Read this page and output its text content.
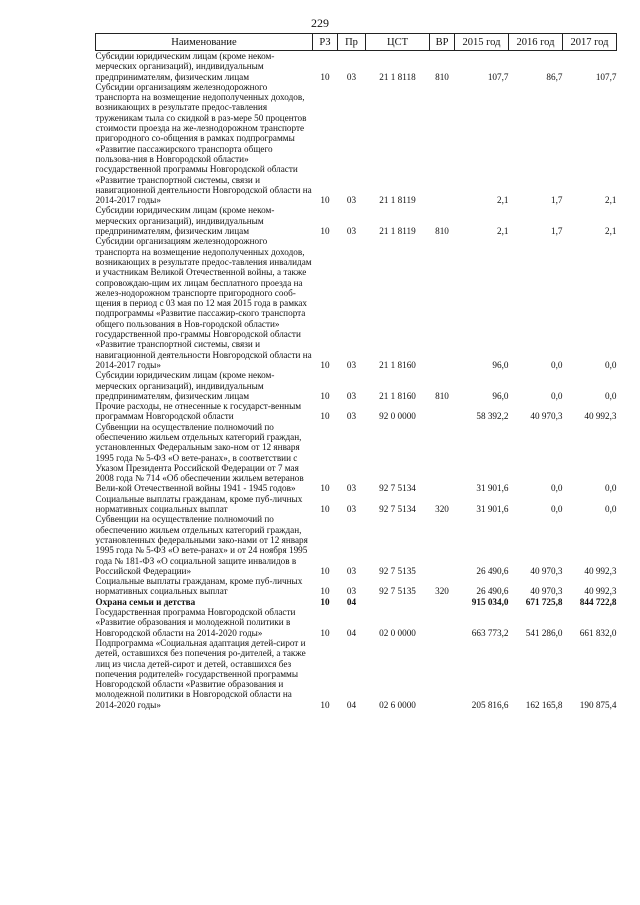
229
Наименование	РЗ	Пр	ЦСТ	ВР	2015 год	2016 год	2017 год
Субсидии юридическим лицам (кроме неком-мерческих организаций), индивидуальным предпринимателям, физическим лицам	10	03	21 1 8118	810	107,7	86,7	107,7
Субсидии организациям железнодорожного транспорта на возмещение недополученных доходов, возникающих в результате предос-тавления труженикам тыла со скидкой в раз-мере 50 процентов стоимости проезда на же-лезнодорожном транспорте пригородного со-общения в рамках подпрограммы «Развитие пассажирского транспорта общего пользова-ния в Новгородской области» государственной программы Новгородской области «Развитие транспортной системы, связи и навигационной деятельности Новгородской области на 2014-2017 годы»	10	03	21 1 8119		2,1	1,7	2,1
Субсидии юридическим лицам (кроме неком-мерческих организаций), индивидуальным предпринимателям, физическим лицам	10	03	21 1 8119	810	2,1	1,7	2,1
Субсидии организациям железнодорожного транспорта на возмещение недополученных доходов, возникающих в результате предос-тавления инвалидам и участникам Великой Отечественной войны, а также сопровождаю-щим их лицам бесплатного проезда на желез-нодорожном транспорте пригородного сооб-щения в период с 03 мая по 12 мая 2015 года в рамках подпрограммы «Развитие пассажир-ского транспорта общего пользования в Нов-городской области» государственной про-граммы Новгородской области «Развитие транспортной системы, связи и навигационной деятельности Новгородской области на 2014-2017 годы»	10	03	21 1 8160		96,0	0,0	0,0
Субсидии юридическим лицам (кроме неком-мерческих организаций), индивидуальным предпринимателям, физическим лицам	10	03	21 1 8160	810	96,0	0,0	0,0
Прочие расходы, не отнесенные к государст-венным программам Новгородской области	10	03	92 0 0000		58 392,2	40 970,3	40 992,3
Субвенции на осуществление полномочий по обеспечению жильем отдельных категорий граждан, установленных Федеральным зако-ном от 12 января 1995 года № 5-ФЗ «О вете-ранах», в соответствии с Указом Президента Российской Федерации от 7 мая 2008 года № 714 «Об обеспечении жильем ветеранов Вели-кой Отечественной войны 1941 - 1945 годов»	10	03	92 7 5134		31 901,6	0,0	0,0
Социальные выплаты гражданам, кроме пуб-личных нормативных социальных выплат	10	03	92 7 5134	320	31 901,6	0,0	0,0
Субвенции на осуществление полномочий по обеспечению жильем отдельных категорий граждан, установленных федеральными зако-нами от 12 января 1995 года № 5-ФЗ «О вете-ранах» и от 24 ноября 1995 года № 181-ФЗ «О социальной защите инвалидов в Российской Федерации»	10	03	92 7 5135		26 490,6	40 970,3	40 992,3
Социальные выплаты гражданам, кроме пуб-личных нормативных социальных выплат	10	03	92 7 5135	320	26 490,6	40 970,3	40 992,3
Охрана семьи и детства	10	04			915 034,0	671 725,8	844 722,8
Государственная программа Новгородской области «Развитие образования и молодежной политики в Новгородской области на 2014-2020 годы»	10	04	02 0 0000		663 773,2	541 286,0	661 832,0
Подпрограмма «Социальная адаптация детей-сирот и детей, оставшихся без попечения ро-дителей, а также лиц из числа детей-сирот и детей, оставшихся без попечения родителей» государственной программы Новгородской области «Развитие образования и молодежной политики в Новгородской области на 2014-2020 годы»	10	04	02 6 0000		205 816,6	162 165,8	190 875,4
